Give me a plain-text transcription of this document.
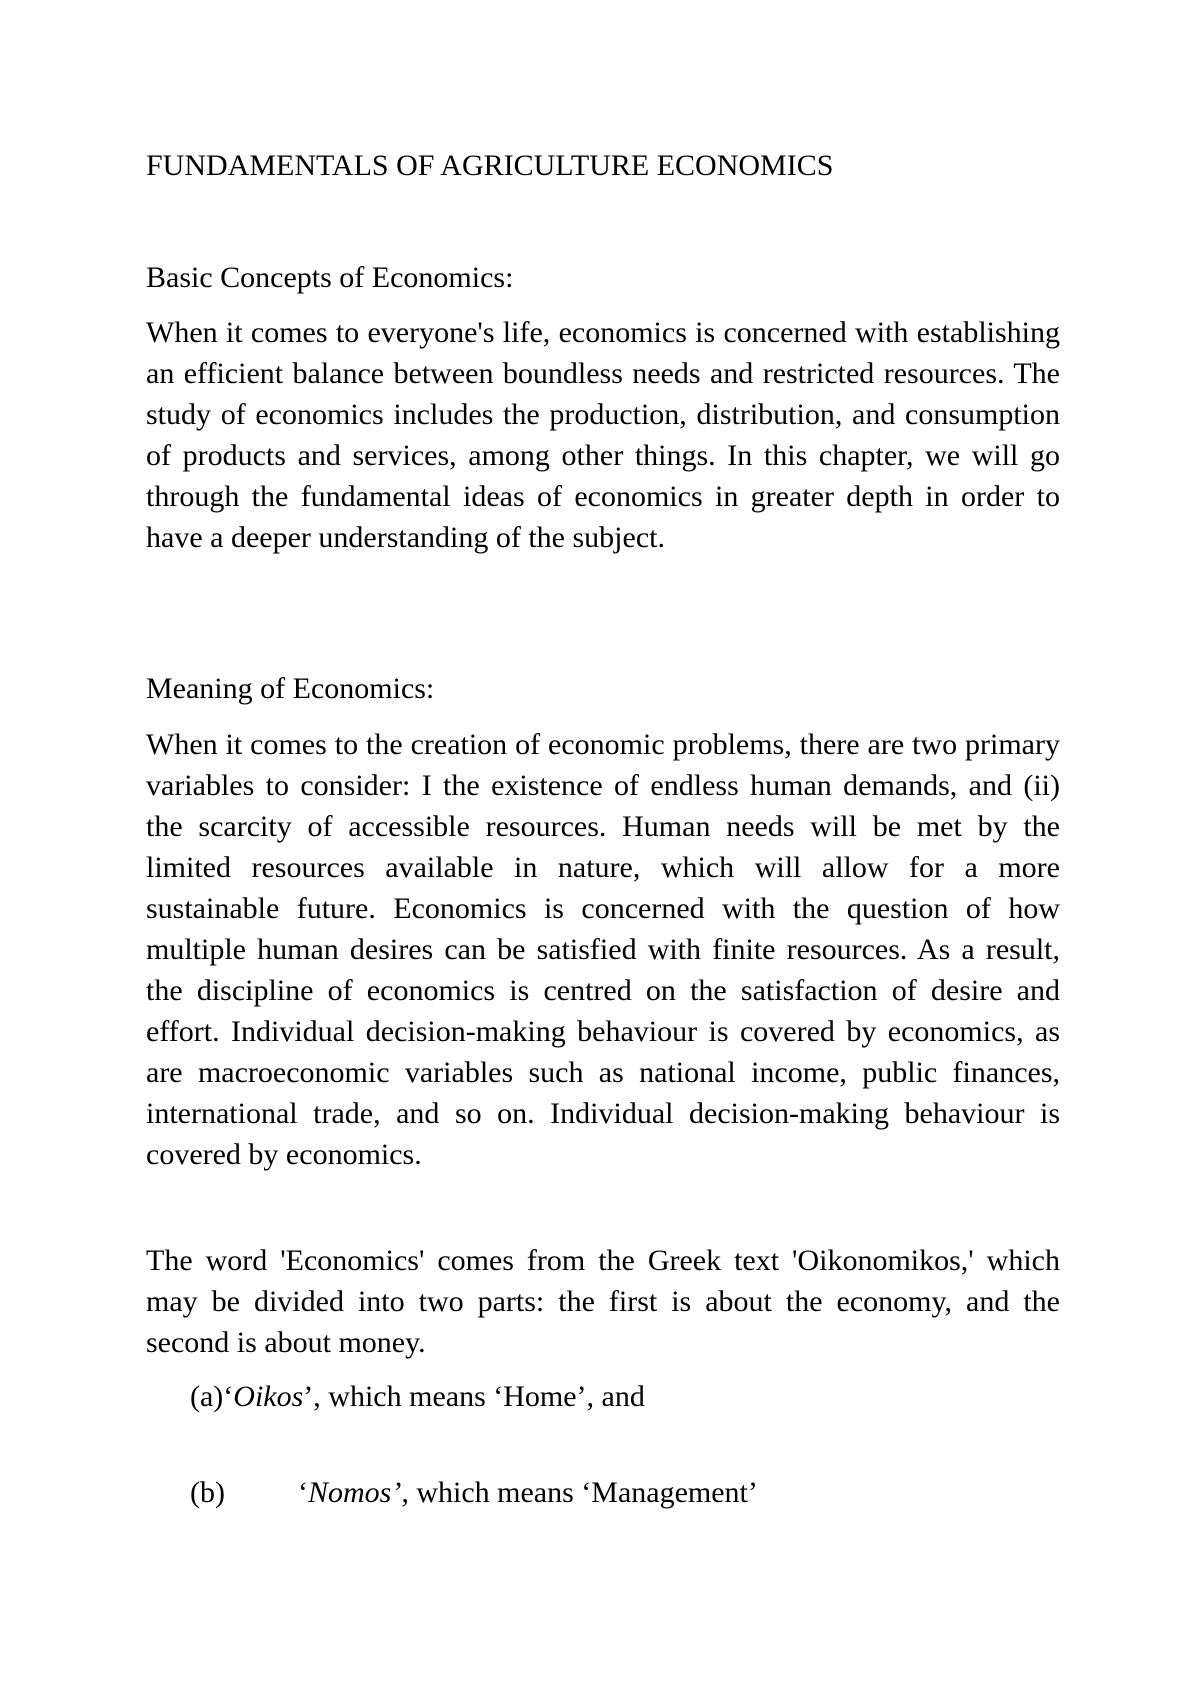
FUNDAMENTALS OF AGRICULTURE ECONOMICS
Basic Concepts of Economics:

When it comes to everyone's life, economics is concerned with establishing an efficient balance between boundless needs and restricted resources. The study of economics includes the production, distribution, and consumption of products and services, among other things. In this chapter, we will go through the fundamental ideas of economics in greater depth in order to have a deeper understanding of the subject.

Meaning of Economics:

When it comes to the creation of economic problems, there are two primary variables to consider: I the existence of endless human demands, and (ii) the scarcity of accessible resources. Human needs will be met by the limited resources available in nature, which will allow for a more sustainable future. Economics is concerned with the question of how multiple human desires can be satisfied with finite resources. As a result, the discipline of economics is centred on the satisfaction of desire and effort. Individual decision-making behaviour is covered by economics, as are macroeconomic variables such as national income, public finances, international trade, and so on. Individual decision-making behaviour is covered by economics.

The word 'Economics' comes from the Greek text 'Oikonomikos,' which may be divided into two parts: the first is about the economy, and the second is about money.

(a)‘Oikos’, which means ‘Home’, and
(b) ‘Nomos’, which means ‘Management’
